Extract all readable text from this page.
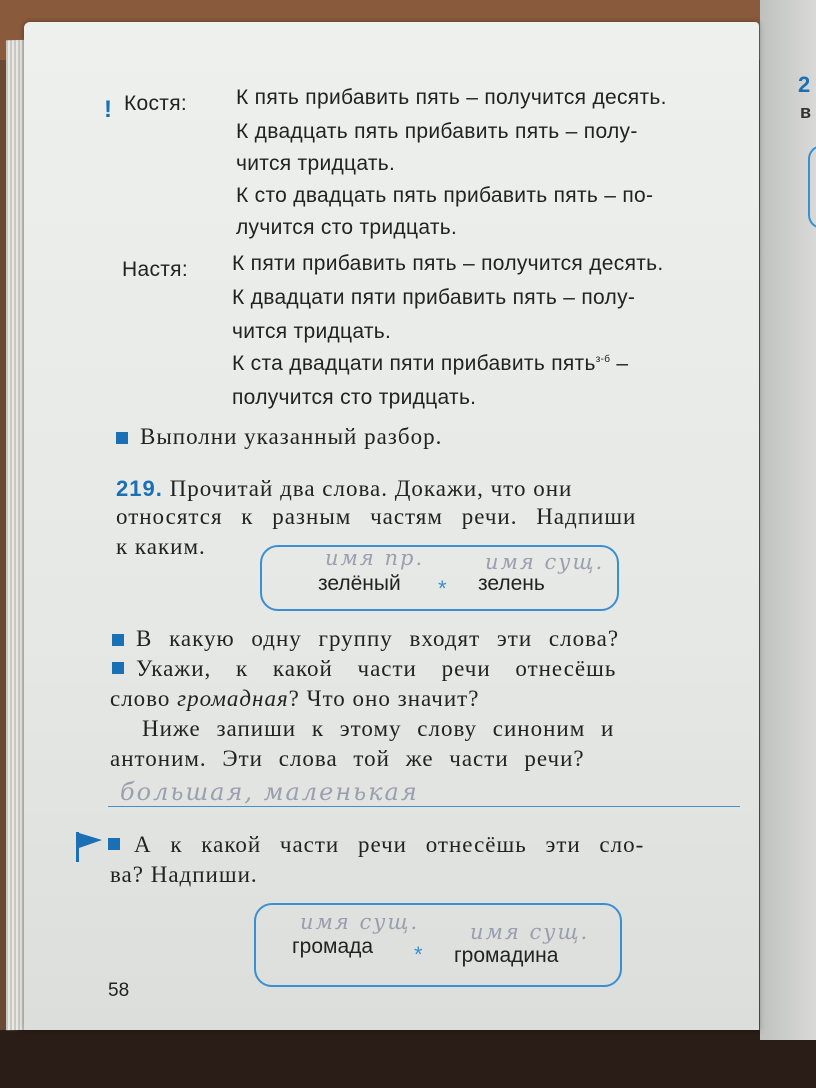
2
в
! Костя: К пять прибавить пять – получится десять.
К двадцать пять прибавить пять – полу-
чится тридцать.
К сто двадцать пять прибавить пять – по-
лучится сто тридцать.
Настя: К пяти прибавить пять – получится десять.
К двадцати пяти прибавить пять – полу-
чится тридцать.
К ста двадцати пяти прибавить пять$^{з-б}$ –
получится сто тридцать.
Выполни указанный разбор.
219. Прочитай два слова. Докажи, что они
относятся к разным частям речи. Надпиши
к каким.	имя пр.	имя сущ.
зелёный * зелень
В какую одну группу входят эти слова?
Укажи, к какой части речи отнесёшь
слово громадная? Что оно значит?
Ниже запиши к этому слову синоним и
антоним. Эти слова той же части речи?
большая, маленькая
А к какой части речи отнесёшь эти сло-
ва? Надпиши.
имя сущ. имя сущ.
громада * громадина
58
